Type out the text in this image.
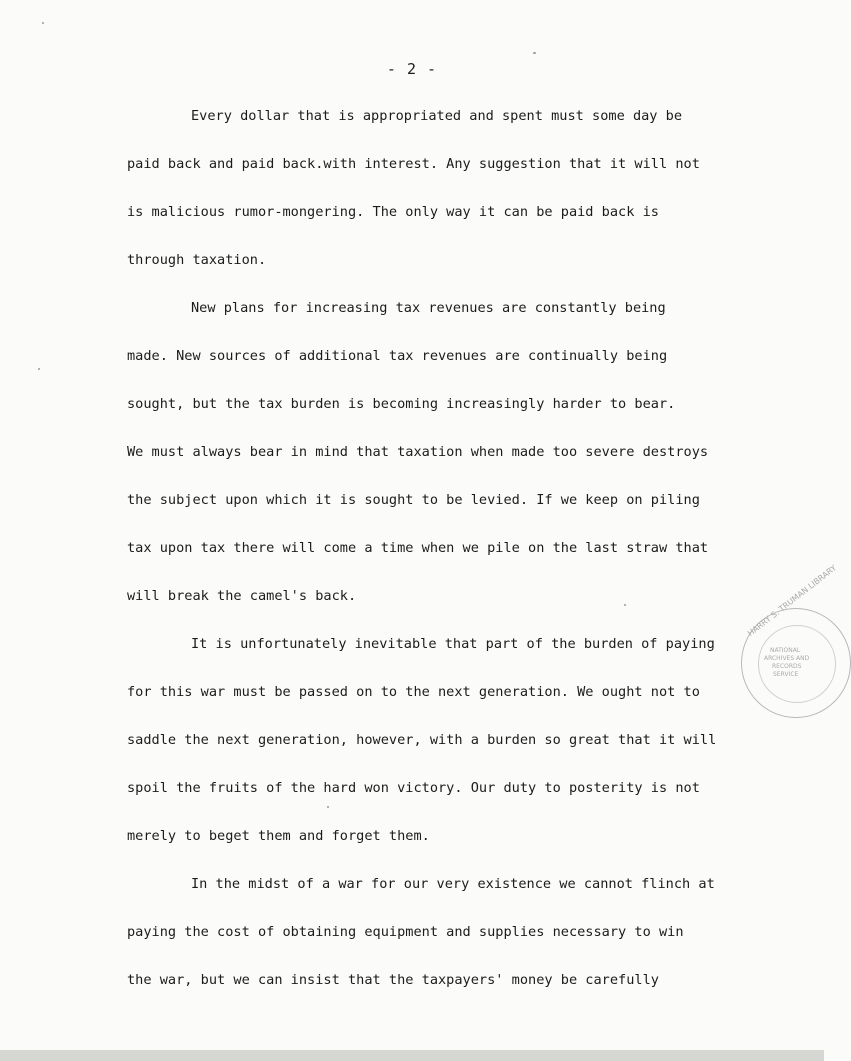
- 2 -
Every dollar that is appropriated and spent must some day be
paid back and paid back.with interest. Any suggestion that it will not
is malicious rumor-mongering. The only way it can be paid back is
through taxation.
New plans for increasing tax revenues are constantly being
made. New sources of additional tax revenues are continually being
sought, but the tax burden is becoming increasingly harder to bear.
We must always bear in mind that taxation when made too severe destroys
the subject upon which it is sought to be levied. If we keep on piling
tax upon tax there will come a time when we pile on the last straw that
will break the camel's back.
It is unfortunately inevitable that part of the burden of paying
for this war must be passed on to the next generation. We ought not to
saddle the next generation, however, with a burden so great that it will
spoil the fruits of the hard won victory. Our duty to posterity is not
merely to beget them and forget them.
In the midst of a war for our very existence we cannot flinch at
paying the cost of obtaining equipment and supplies necessary to win
the war, but we can insist that the taxpayers' money be carefully
HARRY S. TRUMAN LIBRARY
NATIONAL
ARCHIVES AND
RECORDS
SERVICE
